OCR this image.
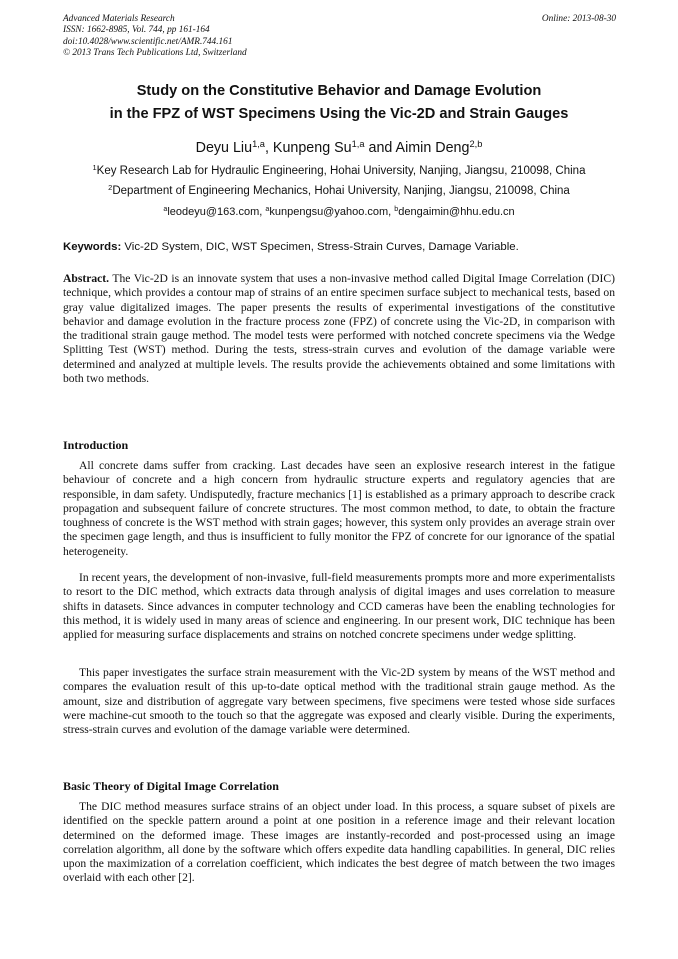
Advanced Materials Research
ISSN: 1662-8985, Vol. 744, pp 161-164
doi:10.4028/www.scientific.net/AMR.744.161
© 2013 Trans Tech Publications Ltd, Switzerland
Online: 2013-08-30
Study on the Constitutive Behavior and Damage Evolution
in the FPZ of WST Specimens Using the Vic-2D and Strain Gauges
Deyu Liu$^{1,a}$, Kunpeng Su$^{1,a}$ and Aimin Deng$^{2,b}$
$^1$Key Research Lab for Hydraulic Engineering, Hohai University, Nanjing, Jiangsu, 210098, China
$^2$Department of Engineering Mechanics, Hohai University, Nanjing, Jiangsu, 210098, China
$^a$leodeyu@163.com, $^a$kunpengsu@yahoo.com, $^b$dengaimin@hhu.edu.cn
Keywords: Vic-2D System, DIC, WST Specimen, Stress-Strain Curves, Damage Variable.
Abstract. The Vic-2D is an innovate system that uses a non-invasive method called Digital Image Correlation (DIC) technique, which provides a contour map of strains of an entire specimen surface subject to mechanical tests, based on gray value digitalized images. The paper presents the results of experimental investigations of the constitutive behavior and damage evolution in the fracture process zone (FPZ) of concrete using the Vic-2D, in comparison with the traditional strain gauge method. The model tests were performed with notched concrete specimens via the Wedge Splitting Test (WST) method. During the tests, stress-strain curves and evolution of the damage variable were determined and analyzed at multiple levels. The results provide the achievements obtained and some limitations with both two methods.
Introduction
All concrete dams suffer from cracking. Last decades have seen an explosive research interest in the fatigue behaviour of concrete and a high concern from hydraulic structure experts and regulatory agencies that are responsible, in dam safety. Undisputedly, fracture mechanics [1] is established as a primary approach to describe crack propagation and subsequent failure of concrete structures. The most common method, to date, to obtain the fracture toughness of concrete is the WST method with strain gages; however, this system only provides an average strain over the specimen gage length, and thus is insufficient to fully monitor the FPZ of concrete for our ignorance of the spatial heterogeneity.
In recent years, the development of non-invasive, full-field measurements prompts more and more experimentalists to resort to the DIC method, which extracts data through analysis of digital images and uses correlation to measure shifts in datasets. Since advances in computer technology and CCD cameras have been the enabling technologies for this method, it is widely used in many areas of science and engineering. In our present work, DIC technique has been applied for measuring surface displacements and strains on notched concrete specimens under wedge splitting.
This paper investigates the surface strain measurement with the Vic-2D system by means of the WST method and compares the evaluation result of this up-to-date optical method with the traditional strain gauge method. As the amount, size and distribution of aggregate vary between specimens, five specimens were tested whose side surfaces were machine-cut smooth to the touch so that the aggregate was exposed and clearly visible. During the experiments, stress-strain curves and evolution of the damage variable were determined.
Basic Theory of Digital Image Correlation
The DIC method measures surface strains of an object under load. In this process, a square subset of pixels are identified on the speckle pattern around a point at one position in a reference image and their relevant location determined on the deformed image. These images are instantly-recorded and post-processed using an image correlation algorithm, all done by the software which offers expedite data handling capabilities. In general, DIC relies upon the maximization of a correlation coefficient, which indicates the best degree of match between the two images overlaid with each other [2].
